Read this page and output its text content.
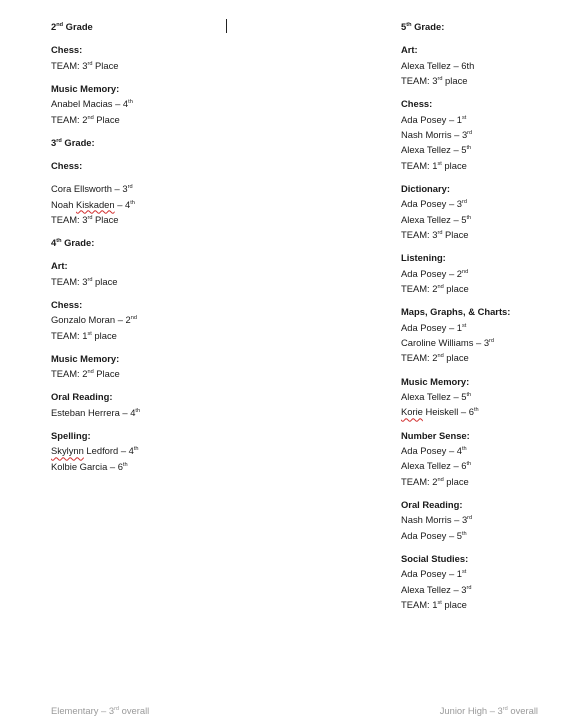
2nd Grade
Chess:
TEAM: 3rd Place
Music Memory:
Anabel Macias – 4th
TEAM: 2nd Place
3rd Grade:
Chess:
Cora Ellsworth – 3rd
Noah Kiskaden – 4th
TEAM: 3rd Place
4th Grade:
Art:
TEAM: 3rd place
Chess:
Gonzalo Moran – 2nd
TEAM: 1st place
Music Memory:
TEAM: 2nd Place
Oral Reading:
Esteban Herrera – 4th
Spelling:
Skylynn Ledford – 4th
Kolbie Garcia – 6th
5th Grade:
Art:
Alexa Tellez – 6th
TEAM: 3rd place
Chess:
Ada Posey – 1st
Nash Morris – 3rd
Alexa Tellez – 5th
TEAM: 1st place
Dictionary:
Ada Posey – 3rd
Alexa Tellez – 5th
TEAM: 3rd Place
Listening:
Ada Posey – 2nd
TEAM: 2nd place
Maps, Graphs, & Charts:
Ada Posey – 1st
Caroline Williams – 3rd
TEAM: 2nd place
Music Memory:
Alexa Tellez – 5th
Korie Heiskell – 6th
Number Sense:
Ada Posey – 4th
Alexa Tellez – 6th
TEAM: 2nd place
Oral Reading:
Nash Morris – 3rd
Ada Posey – 5th
Social Studies:
Ada Posey – 1st
Alexa Tellez – 3rd
TEAM: 1st place
Elementary – 3rd overall	Junior High – 3rd overall
